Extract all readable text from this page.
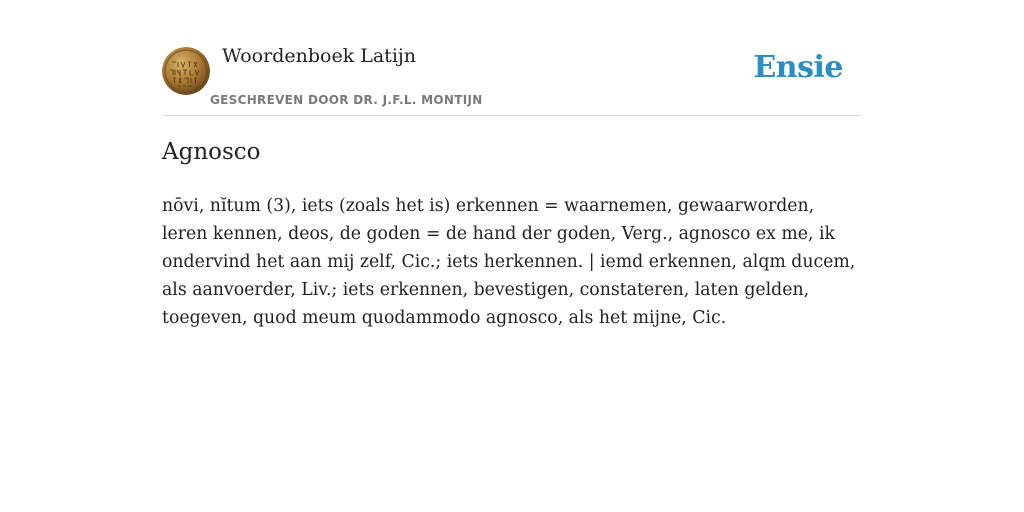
Woordenboek Latijn
GESCHREVEN DOOR DR. J.F.L. MONTIJN
Ensie
Agnosco

nōvi, nĭtum (3), iets (zoals het is) erkennen = waarnemen, gewaarworden, leren kennen, deos, de goden = de hand der goden, Verg., agnosco ex me, ik ondervind het aan mij zelf, Cic.; iets herkennen. | iemd erkennen, alqm ducem, als aanvoerder, Liv.; iets erkennen, bevestigen, constateren, laten gelden, toegeven, quod meum quodammodo agnosco, als het mijne, Cic.
